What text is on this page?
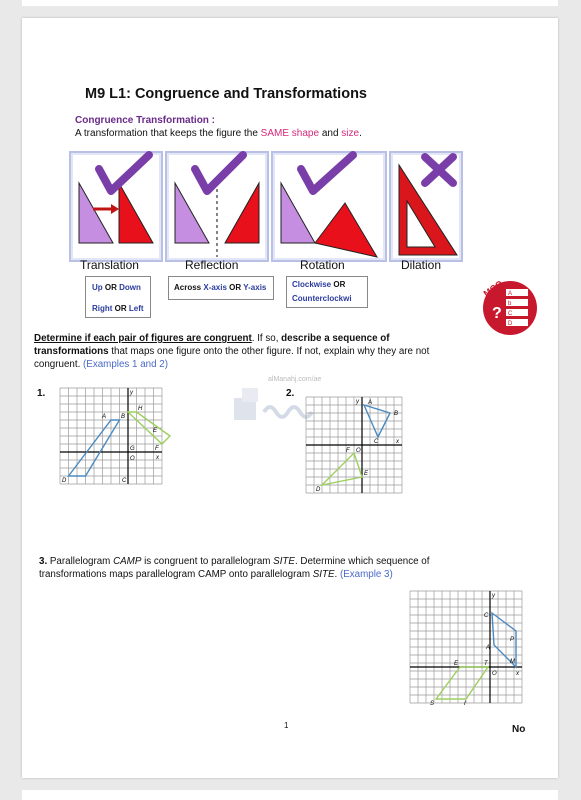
M9 L1: Congruence and Transformations
Congruence Transformation :
A transformation that keeps the figure the SAME shape and size.
Translation	Reflection	Rotation	Dilation
Up OR Down
Right OR Left
Across X-axis OR Y-axis	Clockwise OR
Counterclockwi	MCQ
?
A
b
C
D
Determine if each pair of figures are congruent. If so, describe a sequence of transformations that maps one figure onto the other figure. If not, explain why they are not congruent. (Examples 1 and 2)
alManahj.com/ae
1.	2.
A B
H
E
G	F
D	C
O	x
y
A
B
C
F O
E
D
x
y
3. Parallelogram CAMP is congruent to parallelogram SITE. Determine which sequence of transformations maps parallelogram CAMP onto parallelogram SITE. (Example 3)
C
A
P
M
E	T
O
S	I
x
y
1	No
